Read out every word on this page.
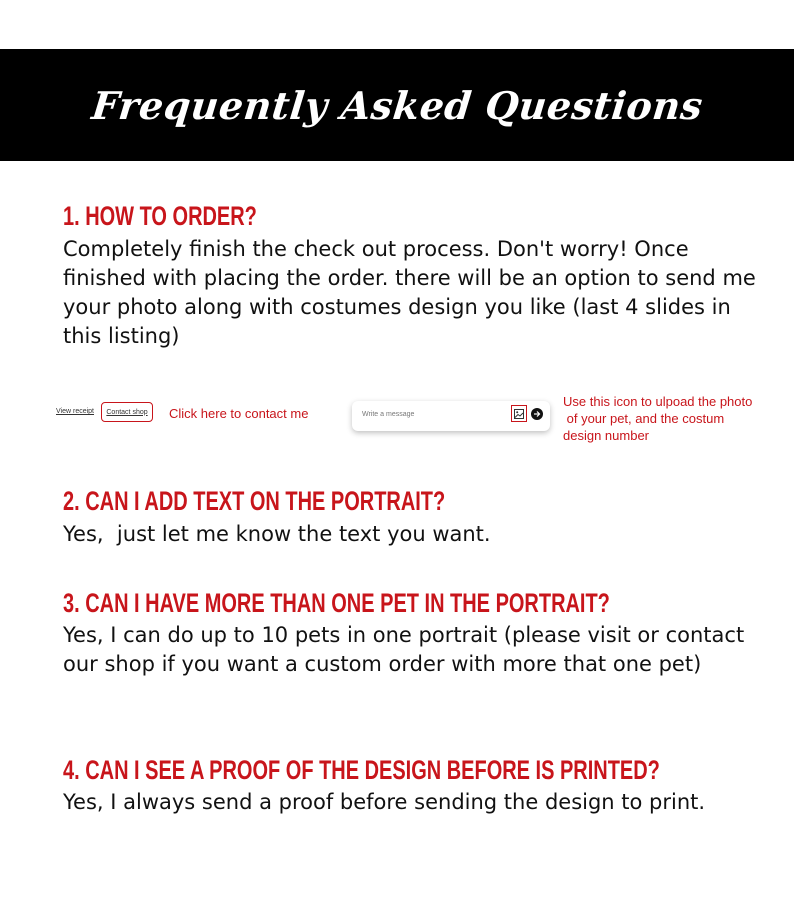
Frequently Asked Questions
1. HOW TO ORDER?

Completely finish the check out process. Don't worry! Once finished with placing the order. there will be an option to send me your photo along with costumes design you like (last 4 slides in this listing)

View receipt Contact shop Click here to contact me	Write a message

Use this icon to ulpoad the photo
of your pet, and the costum
design number

2. CAN I ADD TEXT ON THE PORTRAIT?

Yes,  just let me know the text you want.

3. CAN I HAVE MORE THAN ONE PET IN THE PORTRAIT?

Yes, I can do up to 10 pets in one portrait (please visit or contact our shop if you want a custom order with more that one pet)

4. CAN I SEE A PROOF OF THE DESIGN BEFORE IS PRINTED?

Yes, I always send a proof before sending the design to print.
